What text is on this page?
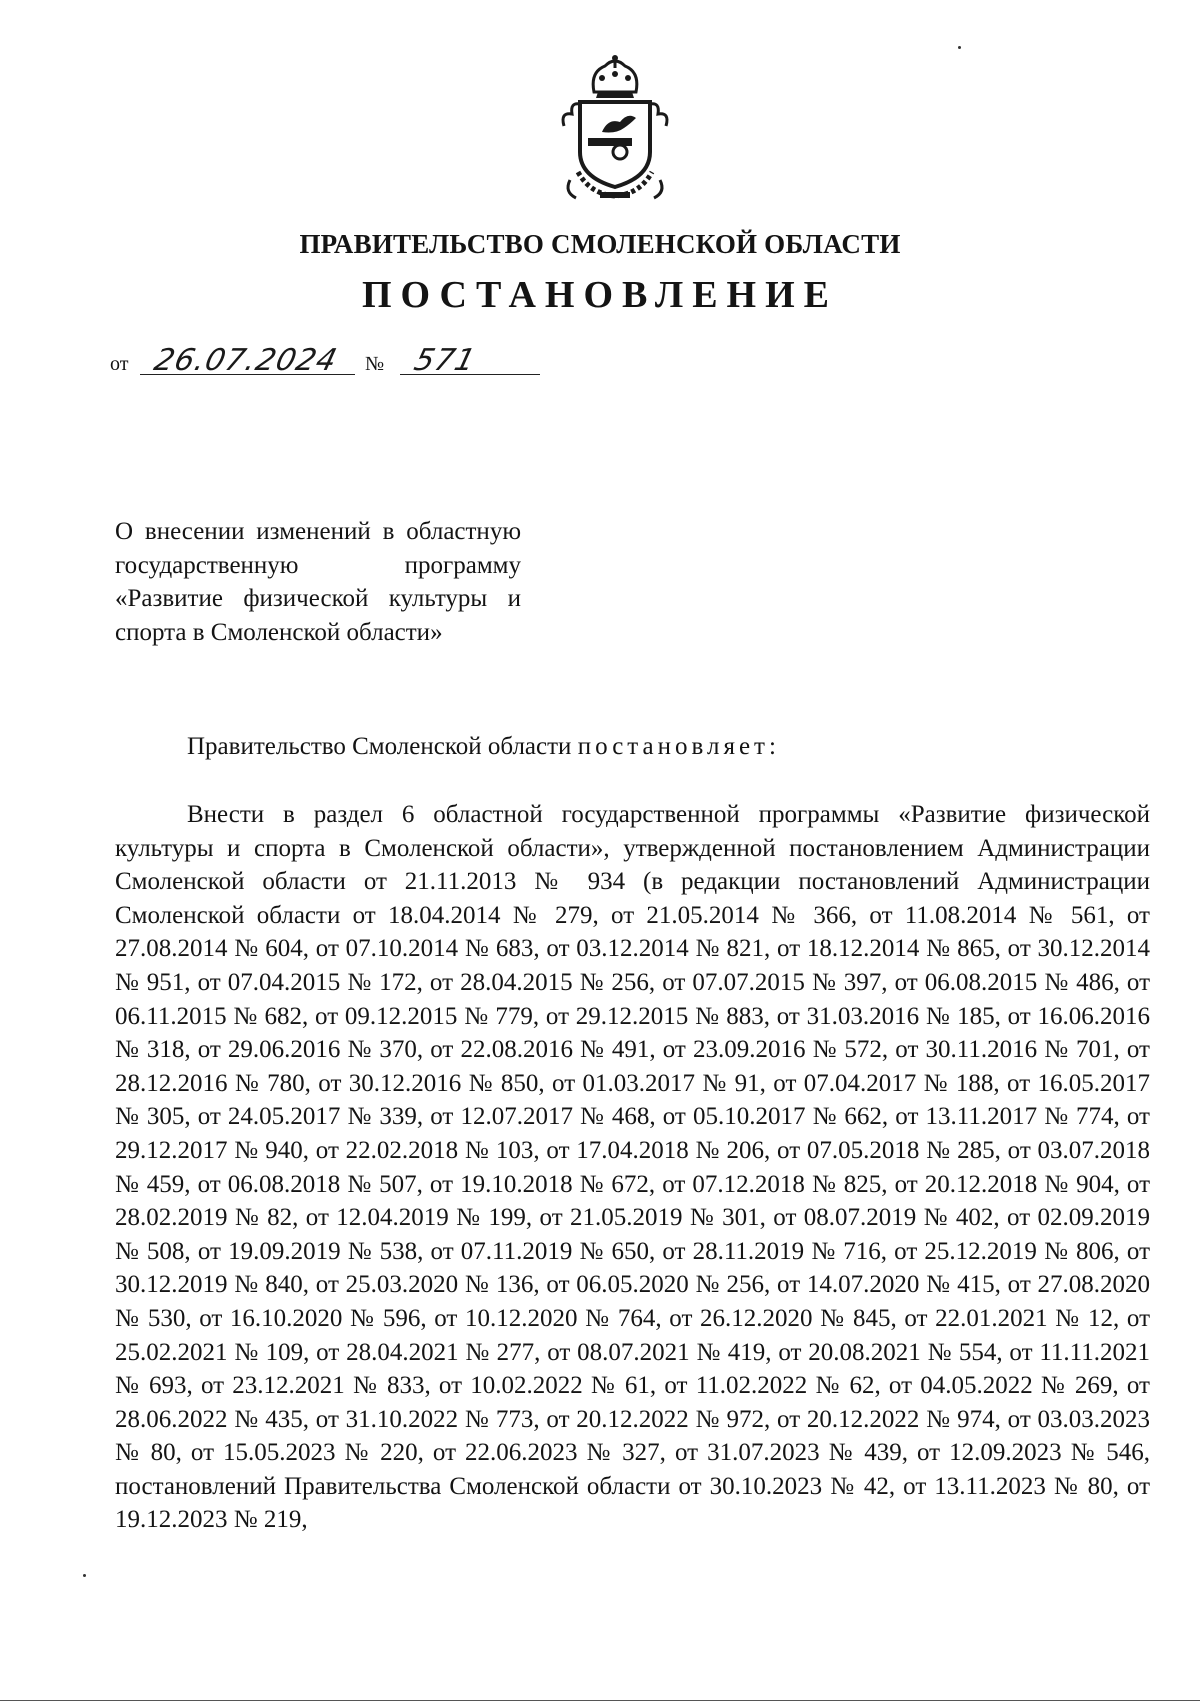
ПРАВИТЕЛЬСТВО СМОЛЕНСКОЙ ОБЛАСТИ
ПОСТАНОВЛЕНИЕ
от 26.07.2024 № 571
О внесении изменений в областную государственную программу «Развитие физической культуры и спорта в Смоленской области»
Правительство Смоленской области постановляет:
Внести в раздел 6 областной государственной программы «Развитие физической культуры и спорта в Смоленской области», утвержденной постановлением Администрации Смоленской области от 21.11.2013 № 934 (в редакции постановлений Администрации Смоленской области от 18.04.2014 № 279, от 21.05.2014 № 366, от 11.08.2014 № 561, от 27.08.2014 № 604, от 07.10.2014 № 683, от 03.12.2014 № 821, от 18.12.2014 № 865, от 30.12.2014 № 951, от 07.04.2015 № 172, от 28.04.2015 № 256, от 07.07.2015 № 397, от 06.08.2015 № 486, от 06.11.2015 № 682, от 09.12.2015 № 779, от 29.12.2015 № 883, от 31.03.2016 № 185, от 16.06.2016 № 318, от 29.06.2016 № 370, от 22.08.2016 № 491, от 23.09.2016 № 572, от 30.11.2016 № 701, от 28.12.2016 № 780, от 30.12.2016 № 850, от 01.03.2017 № 91, от 07.04.2017 № 188, от 16.05.2017 № 305, от 24.05.2017 № 339, от 12.07.2017 № 468, от 05.10.2017 № 662, от 13.11.2017 № 774, от 29.12.2017 № 940, от 22.02.2018 № 103, от 17.04.2018 № 206, от 07.05.2018 № 285, от 03.07.2018 № 459, от 06.08.2018 № 507, от 19.10.2018 № 672, от 07.12.2018 № 825, от 20.12.2018 № 904, от 28.02.2019 № 82, от 12.04.2019 № 199, от 21.05.2019 № 301, от 08.07.2019 № 402, от 02.09.2019 № 508, от 19.09.2019 № 538, от 07.11.2019 № 650, от 28.11.2019 № 716, от 25.12.2019 № 806, от 30.12.2019 № 840, от 25.03.2020 № 136, от 06.05.2020 № 256, от 14.07.2020 № 415, от 27.08.2020 № 530, от 16.10.2020 № 596, от 10.12.2020 № 764, от 26.12.2020 № 845, от 22.01.2021 № 12, от 25.02.2021 № 109, от 28.04.2021 № 277, от 08.07.2021 № 419, от 20.08.2021 № 554, от 11.11.2021 № 693, от 23.12.2021 № 833, от 10.02.2022 № 61, от 11.02.2022 № 62, от 04.05.2022 № 269, от 28.06.2022 № 435, от 31.10.2022 № 773, от 20.12.2022 № 972, от 20.12.2022 № 974, от 03.03.2023 № 80, от 15.05.2023 № 220, от 22.06.2023 № 327, от 31.07.2023 № 439, от 12.09.2023 № 546, постановлений Правительства Смоленской области от 30.10.2023 № 42, от 13.11.2023 № 80, от 19.12.2023 № 219,
